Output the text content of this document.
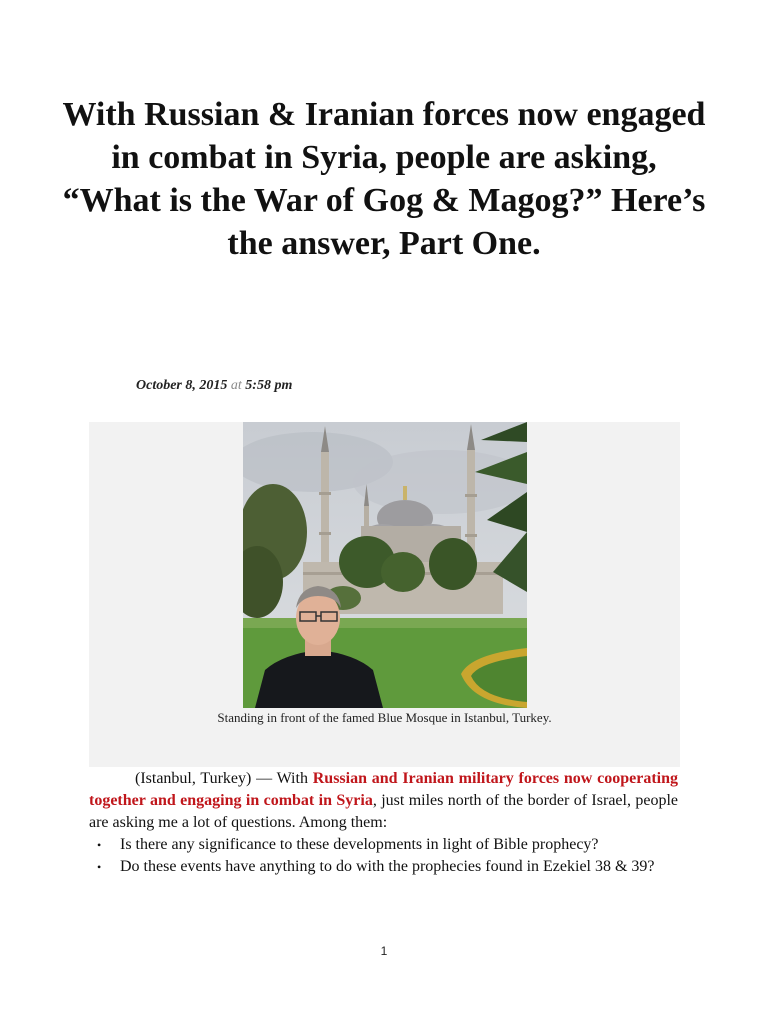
With Russian & Iranian forces now engaged in combat in Syria, people are asking, “What is the War of Gog & Magog?” Here’s the answer, Part One.
October 8, 2015 at 5:58 pm
Standing in front of the famed Blue Mosque in Istanbul, Turkey.

(Istanbul, Turkey) — With Russian and Iranian military forces now cooperating together and engaging in combat in Syria, just miles north of the border of Israel, people are asking me a lot of questions. Among them:

• Is there any significance to these developments in light of Bible prophecy?
• Do these events have anything to do with the prophecies found in Ezekiel 38 & 39?
1
